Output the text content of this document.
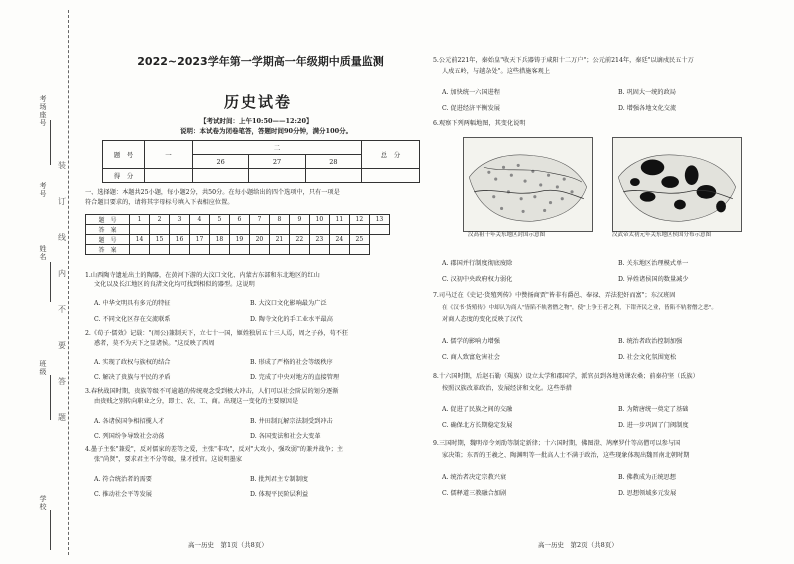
考场座号
考号
姓名
班级
学校
装
订
线
内
不
要
答
题
2022~2023学年第一学期高一年级期中质量监测
历史试卷
【考试时间：上午10:50——12:20】
说明：本试卷为闭卷笔答，答题时间90分钟，满分100分。
题　号	一	二			总　分
		26	27	28	
得　分					
一、选择题：本题共25小题，每小题2分，共50分。在每小题给出的四个选项中，只有一项是
符合题目要求的，请将其字母标号填入下表相应位置。
题　号	1	2	3	4	5	6	7	8	9	10	11	12	13
答　案													
题　号	14	15	16	17	18	19	20	21	22	23	24	25	
答　案													
1.山西陶寺遗址出土的陶器，在黄河下游的大汶口文化、内蒙古东部和东北地区的红山
文化以及长江地区的良渚文化均可找到相似的器型。这说明
A. 中华文明具有多元的特征	B. 大汶口文化影响最为广泛
C. 不同文化区存在交流联系	D. 陶寺文化的手工业水平最高
2.《荀子·儒效》记载："(周公)兼制天下，立七十一国，姬姓独居五十三人焉，周之子孙，苟不狂
惑者，莫不为天下之显诸侯。"这反映了西周
A. 实现了政权与族权的结合	B. 形成了严格的社会等级秩序
C. 解决了贵族与平民的矛盾	D. 完成了中央对地方的直接管理
3.春秋战国时期，贵族等级不可逾越的传统观念受到极大冲击，人们可以社会阶层的划分逐渐
由贵贱之别转向职业之分，即士、农、工、商。出现这一变化的主要原因是
A. 各诸侯国争相招揽人才	B. 井田制瓦解宗法制受到冲击
C. 列国纷争导致社会动荡	D. 各国变法和社会大变革
4.墨子主张"兼爱"，反对儒家的差等之爱，主张"非攻"，反对"大攻小，强攻弱"的兼并战争；主
张"尚贤"，要求君主不分等级，量才授官。这说明墨家
A. 符合统治者的需要	B. 批判君主专制制度
C. 推动社会平等发展	D. 体现平民阶层利益
高一历史　第1页（共8页）
5.公元前221年，秦始皇"收天下兵器铸于咸阳十二万户"；公元前214年，秦廷"以谪戍民五十万
人戍五岭，与越杂处"。这些措施客观上
A. 加快统一六国进程	B. 巩固大一统的政局
C. 促进经济平衡发展	D. 增强各地文化交流
6.观察下列两幅地图，其变化说明
汉高祖十年关东地区封国示意图	汉武帝太初元年关东地区侯国分布示意图
A. 郡国并行制度彻底废除	B. 关东地区治理模式单一
C. 汉初中央政府权力弱化	D. 异姓诸侯国的数量减少
7.司马迁在《史记·货殖列传》中赞扬商贾"皆非有爵邑、奉禄、弄法犯奸而富"；东汉班固
在《汉书·货殖传》中却认为商人"皆陷不轨奢僭之物"，使"上争王者之利，下钳齐民之业，皆陷不轨奢僭之恶"。
对商人态度的变化反映了汉代
A. 儒学的影响力增强	B. 统治者政治控制加强
C. 商人致富危害社会	D. 社会文化氛围宽松
8.十六国时期，后赵石勒（羯族）设立太学和郡国学，派官员到各地劝课农桑；前秦苻坚（氐族）
按照汉族改革政治，发展经济和文化。这些举措
A. 促进了民族之间的交融	B. 为隋唐统一奠定了基础
C. 确保北方长期稳定发展	D. 进一步巩固了门阀制度
9.三国时期，魏明帝令刘劭等制定新律；十六国时期，佛图澄、鸠摩罗什等高僧可以参与国
家决策；东晋的王羲之、陶渊明等一批高人士不满于政治，这些现象体现出魏晋南北朝时期
A. 统治者决定宗教兴衰	B. 佛教成为正统思想
C. 儒释道三教融合加剧	D. 思想领域多元发展
高一历史　第2页（共8页）
